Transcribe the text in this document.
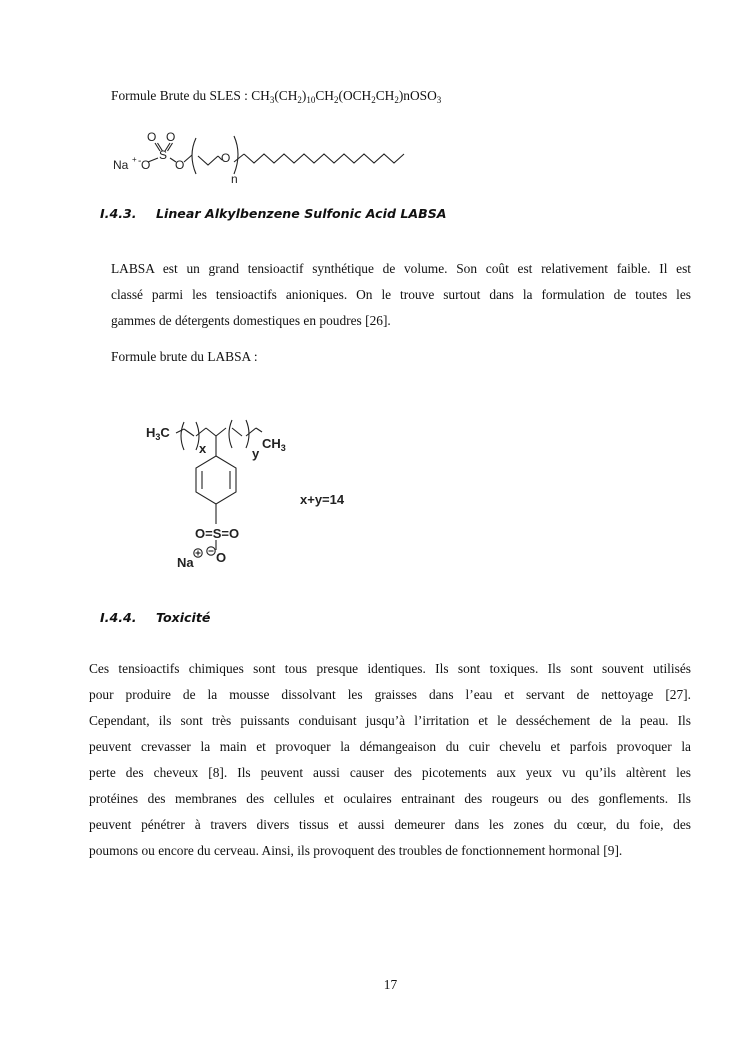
Formule Brute du SLES : $CH_3(CH_2)_{10}CH_2(OCH_2CH_2)nOSO_3$
Na + - O
O O
S
O	O
n
I.4.3. Linear Alkylbenzene Sulfonic Acid LABSA
LABSA est un grand tensioactif synthétique de volume. Son coût est relativement faible. Il est
classé parmi les tensioactifs anioniques. On le trouve surtout dans la formulation de toutes les
gammes de détergents domestiques en poudres [26].
Formule brute du LABSA :
$H_3C$
x	y
$CH_3$
O=S=O
Na O
x+y=14
I.4.4. Toxicité
Ces tensioactifs chimiques sont tous presque identiques. Ils sont toxiques. Ils sont souvent utilisés
pour produire de la mousse dissolvant les graisses dans l’eau et servant de nettoyage [27].
Cependant, ils sont très puissants conduisant jusqu’à l’irritation et le desséchement de la peau. Ils
peuvent crevasser la main et provoquer la démangeaison du cuir chevelu et parfois provoquer la
perte des cheveux [8]. Ils peuvent aussi causer des picotements aux yeux vu qu’ils altèrent les
protéines des membranes des cellules et oculaires entrainant des rougeurs ou des gonflements. Ils
peuvent pénétrer à travers divers tissus et aussi demeurer dans les zones du cœur, du foie, des
poumons ou encore du cerveau. Ainsi, ils provoquent des troubles de fonctionnement hormonal [9].
17
